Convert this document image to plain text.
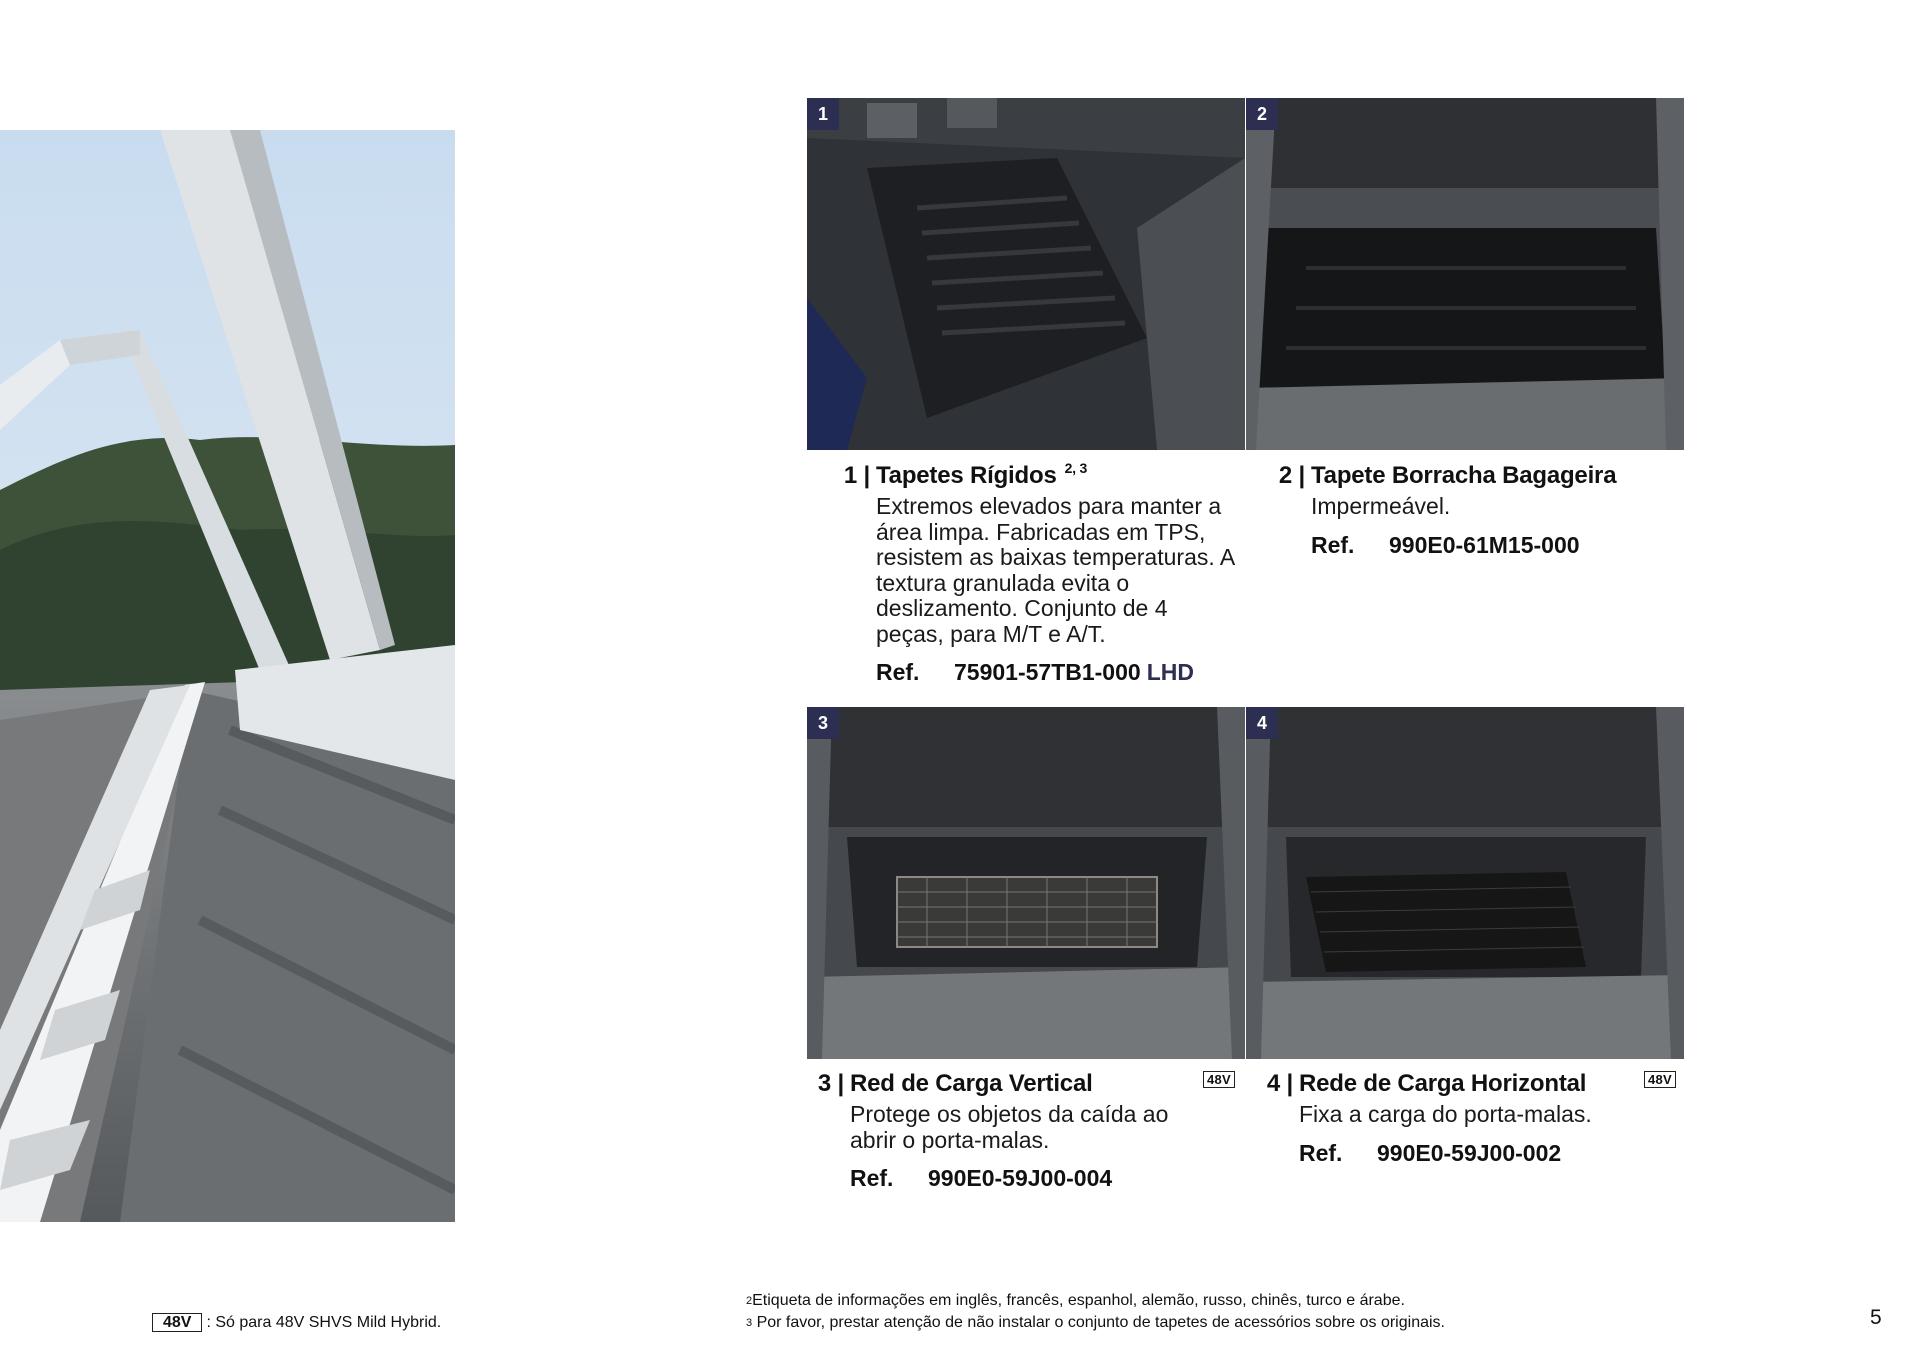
1	2
3	4
1 | Tapetes Rígidos $^{2, 3}$
Extremos elevados para manter a área limpa. Fabricadas em TPS, resistem as baixas temperaturas. A textura granulada evita o deslizamento. Conjunto de 4 peças, para M/T e A/T.
Ref. 75901-57TB1-000 LHD
2 | Tapete Borracha Bagageira
Impermeável.
Ref. 990E0-61M15-000
3 | Red de Carga Vertical
Protege os objetos da caída ao abrir o porta-malas.
Ref. 990E0-59J00-004
48V	4 | Rede de Carga Horizontal
Fixa a carga do porta-malas.
Ref. 990E0-59J00-002
48V
48V : Só para 48V SHVS Mild Hybrid.
$^2$Etiqueta de informações em inglês, francês, espanhol, alemão, russo, chinês, turco e árabe.
$^3$ Por favor, prestar atenção de não instalar o conjunto de tapetes de acessórios sobre os originais.	5
